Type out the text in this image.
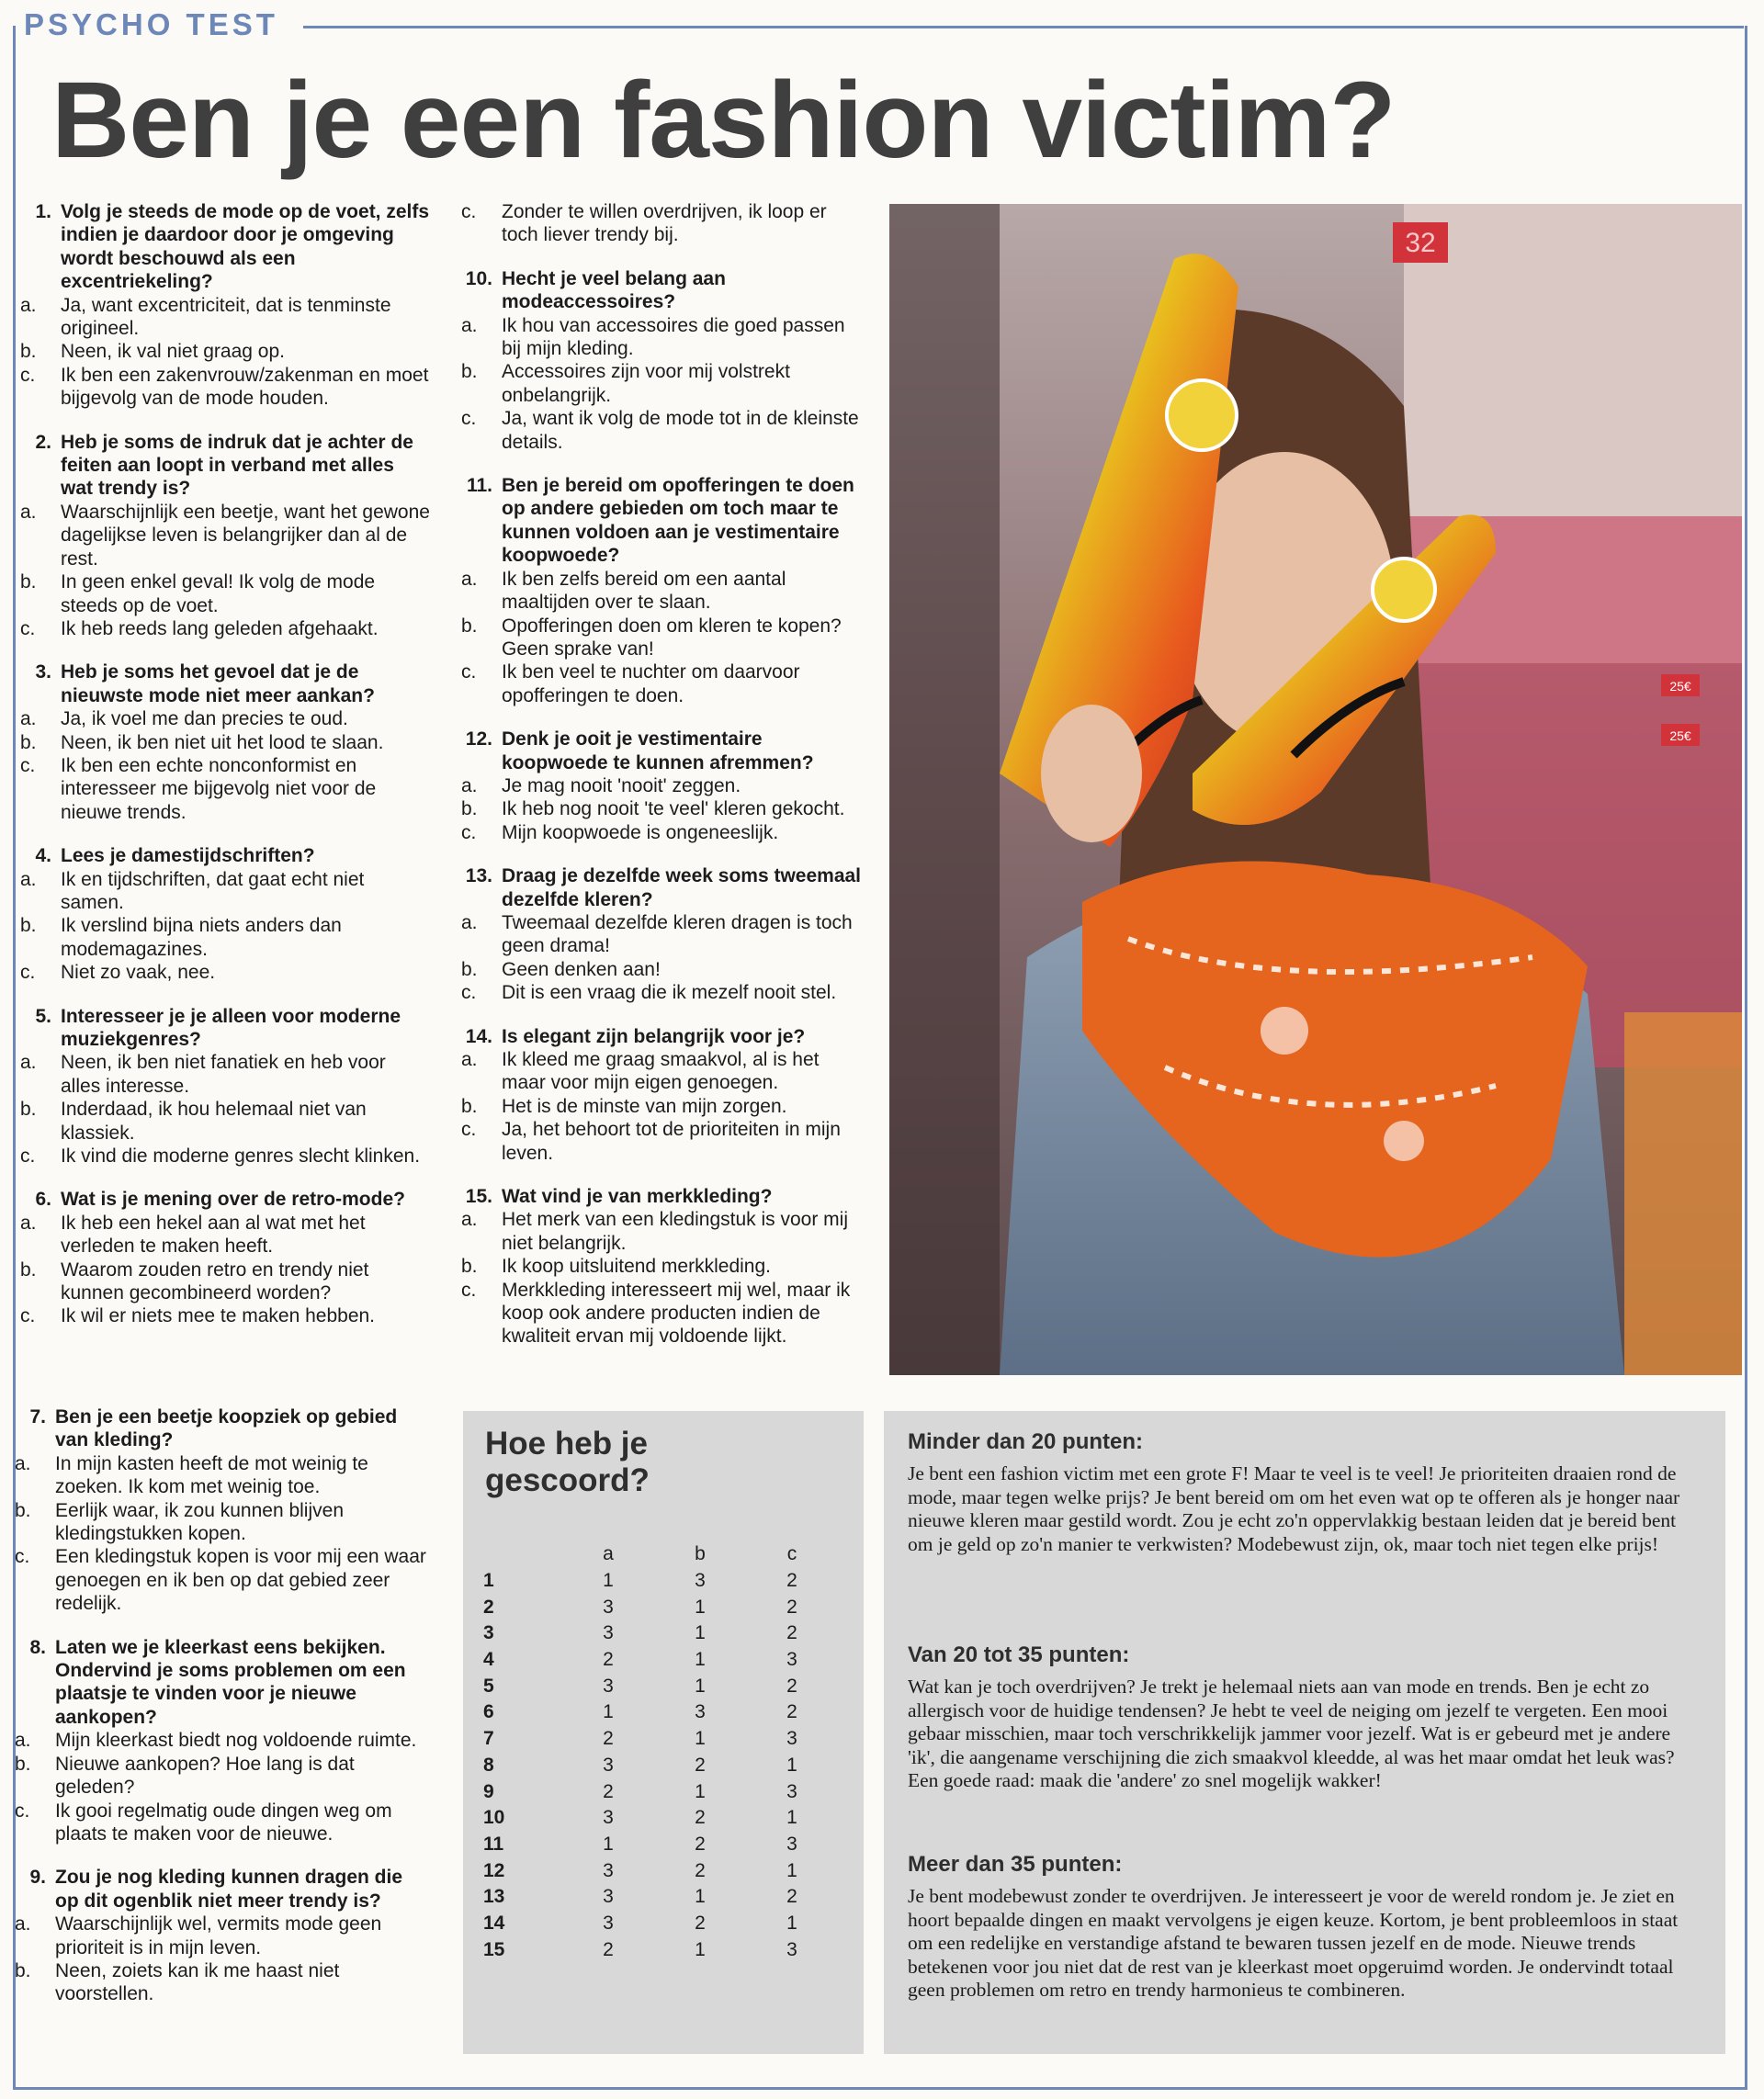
PSYCHO TEST
Ben je een fashion victim?
1. Volg je steeds de mode op de voet, zelfs indien je daardoor door je omgeving wordt beschouwd als een excentriekeling?
a.	Ja, want excentriciteit, dat is tenminste origineel.
b.	Neen, ik val niet graag op.
c.	Ik ben een zakenvrouw/zakenman en moet bijgevolg van de mode houden.
2. Heb je soms de indruk dat je achter de feiten aan loopt in verband met alles wat trendy is?
a.	Waarschijnlijk een beetje, want het gewone dagelijkse leven is belangrijker dan al de rest.
b.	In geen enkel geval! Ik volg de mode steeds op de voet.
c.	Ik heb reeds lang geleden afgehaakt.
3. Heb je soms het gevoel dat je de nieuwste mode niet meer aankan?
a.	Ja, ik voel me dan precies te oud.
b.	Neen, ik ben niet uit het lood te slaan.
c.	Ik ben een echte nonconformist en interesseer me bijgevolg niet voor de nieuwe trends.
4. Lees je damestijdschriften?
a.	Ik en tijdschriften, dat gaat echt niet samen.
b.	Ik verslind bijna niets anders dan modemagazines.
c.	Niet zo vaak, nee.
5. Interesseer je je alleen voor moderne muziekgenres?
a.	Neen, ik ben niet fanatiek en heb voor alles interesse.
b.	Inderdaad, ik hou helemaal niet van klassiek.
c.	Ik vind die moderne genres slecht klinken.
6. Wat is je mening over de retro-mode?
a.	Ik heb een hekel aan al wat met het verleden te maken heeft.
b.	Waarom zouden retro en trendy niet kunnen gecombineerd worden?
c.	Ik wil er niets mee te maken hebben.
c.	Zonder te willen overdrijven, ik loop er toch liever trendy bij.
10. Hecht je veel belang aan modeaccessoires?
a.	Ik hou van accessoires die goed passen bij mijn kleding.
b.	Accessoires zijn voor mij volstrekt onbelangrijk.
c.	Ja, want ik volg de mode tot in de kleinste details.
11. Ben je bereid om opofferingen te doen op andere gebieden om toch maar te kunnen voldoen aan je vestimentaire koopwoede?
a.	Ik ben zelfs bereid om een aantal maaltijden over te slaan.
b.	Opofferingen doen om kleren te kopen? Geen sprake van!
c.	Ik ben veel te nuchter om daarvoor opofferingen te doen.
12. Denk je ooit je vestimentaire koopwoede te kunnen afremmen?
a.	Je mag nooit 'nooit' zeggen.
b.	Ik heb nog nooit 'te veel' kleren gekocht.
c.	Mijn koopwoede is ongeneeslijk.
13. Draag je dezelfde week soms tweemaal dezelfde kleren?
a.	Tweemaal dezelfde kleren dragen is toch geen drama!
b.	Geen denken aan!
c.	Dit is een vraag die ik mezelf nooit stel.
14. Is elegant zijn belangrijk voor je?
a.	Ik kleed me graag smaakvol, al is het maar voor mijn eigen genoegen.
b.	Het is de minste van mijn zorgen.
c.	Ja, het behoort tot de prioriteiten in mijn leven.
15. Wat vind je van merkkleding?
a.	Het merk van een kledingstuk is voor mij niet belangrijk.
b.	Ik koop uitsluitend merkkleding.
c.	Merkkleding interesseert mij wel, maar ik koop ook andere producten indien de kwaliteit ervan mij voldoende lijkt.
7. Ben je een beetje koopziek op gebied van kleding?
a.	In mijn kasten heeft de mot weinig te zoeken. Ik kom met weinig toe.
b.	Eerlijk waar, ik zou kunnen blijven kledingstukken kopen.
c.	Een kledingstuk kopen is voor mij een waar genoegen en ik ben op dat gebied zeer redelijk.
8. Laten we je kleerkast eens bekijken. Ondervind je soms problemen om een plaatsje te vinden voor je nieuwe aankopen?
a.	Mijn kleerkast biedt nog voldoende ruimte.
b.	Nieuwe aankopen? Hoe lang is dat geleden?
c.	Ik gooi regelmatig oude dingen weg om plaats te maken voor de nieuwe.
9. Zou je nog kleding kunnen dragen die op dit ogenblik niet meer trendy is?
a.	Waarschijnlijk wel, vermits mode geen prioriteit is in mijn leven.
b.	Neen, zoiets kan ik me haast niet voorstellen.
32
25€
25€
Hoe heb je
gescoord?
	a	b	c
1	1	3	2
2	3	1	2
3	3	1	2
4	2	1	3
5	3	1	2
6	1	3	2
7	2	1	3
8	3	2	1
9	2	1	3
10	3	2	1
11	1	2	3
12	3	2	1
13	3	1	2
14	3	2	1
15	2	1	3
Minder dan 20 punten:
Je bent een fashion victim met een grote F! Maar te veel is te veel! Je prioriteiten draaien rond de mode, maar tegen welke prijs? Je bent bereid om om het even wat op te offeren als je honger naar nieuwe kleren maar gestild wordt. Zou je echt zo'n oppervlakkig bestaan leiden dat je bereid bent om je geld op zo'n manier te verkwisten? Modebewust zijn, ok, maar toch niet tegen elke prijs!
Van 20 tot 35 punten:
Wat kan je toch overdrijven? Je trekt je helemaal niets aan van mode en trends. Ben je echt zo allergisch voor de huidige tendensen? Je hebt te veel de neiging om jezelf te vergeten. Een mooi gebaar misschien, maar toch verschrikkelijk jammer voor jezelf. Wat is er gebeurd met je andere 'ik', die aangename verschijning die zich smaakvol kleedde, al was het maar omdat het leuk was? Een goede raad: maak die 'andere' zo snel mogelijk wakker!
Meer dan 35 punten:
Je bent modebewust zonder te overdrijven. Je interesseert je voor de wereld rondom je. Je ziet en hoort bepaalde dingen en maakt vervolgens je eigen keuze. Kortom, je bent probleemloos in staat om een redelijke en verstandige afstand te bewaren tussen jezelf en de mode. Nieuwe trends betekenen voor jou niet dat de rest van je kleerkast moet opgeruimd worden. Je ondervindt totaal geen problemen om retro en trendy harmonieus te combineren.
